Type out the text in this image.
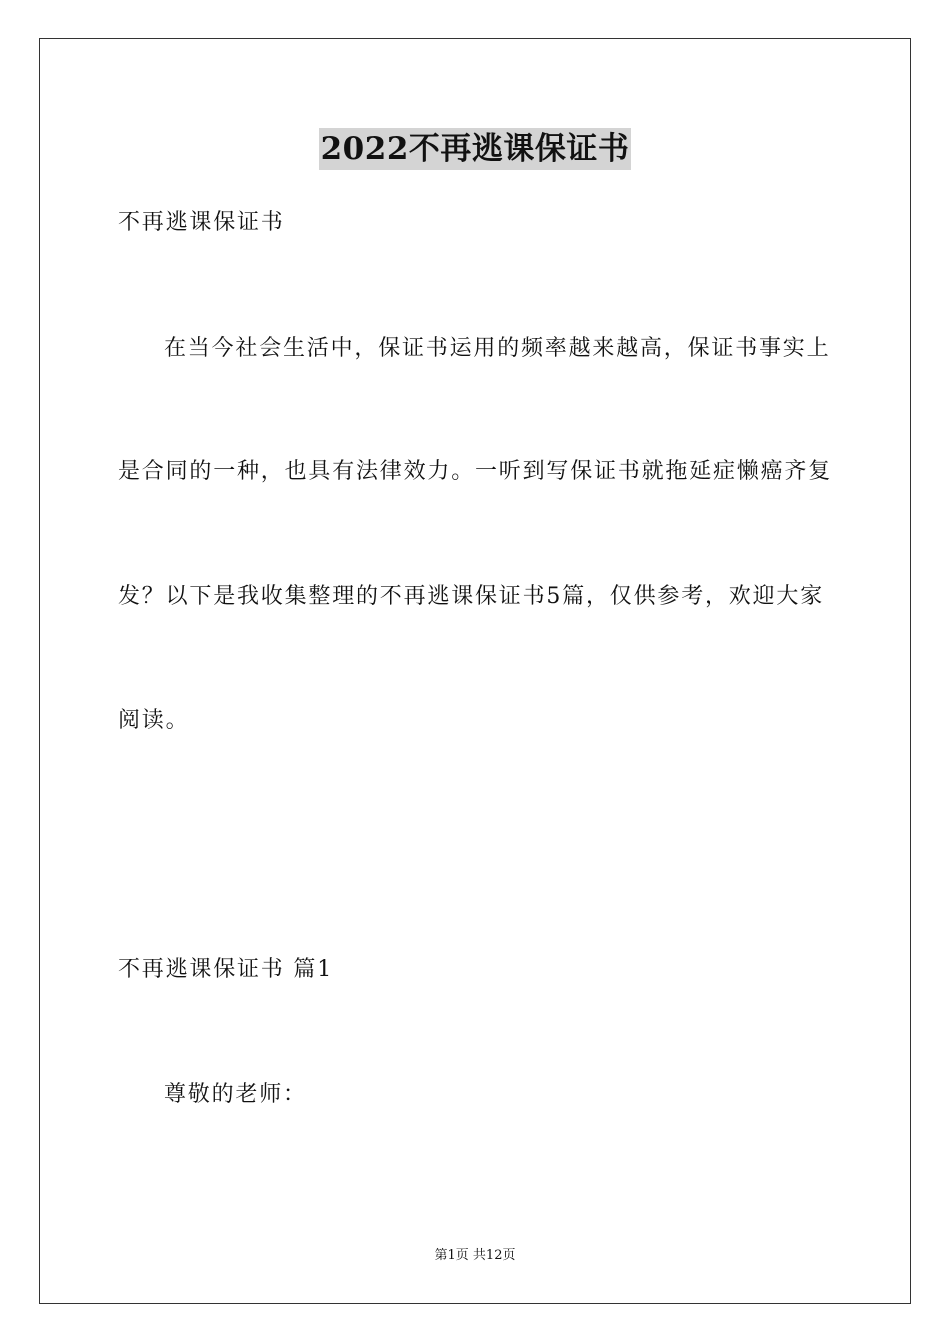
2022不再逃课保证书
不再逃课保证书
在当今社会生活中，保证书运用的频率越来越高，保证书事实上
是合同的一种，也具有法律效力。一听到写保证书就拖延症懒癌齐复
发？以下是我收集整理的不再逃课保证书5篇，仅供参考，欢迎大家
阅读。
不再逃课保证书 篇1
尊敬的老师：
第1页 共12页
